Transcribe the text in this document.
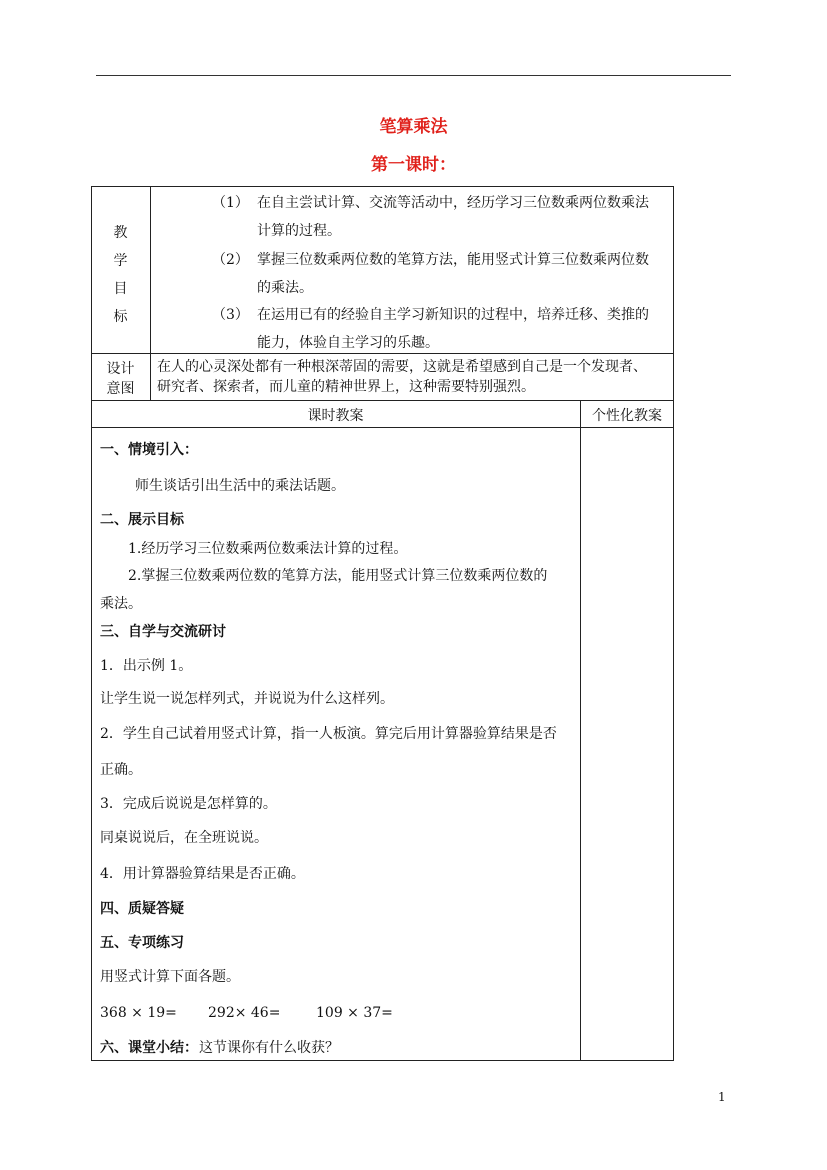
笔算乘法
第一课时：
教
学
目
标
（1） 在自主尝试计算、交流等活动中，经历学习三位数乘两位数乘法
计算的过程。
（2） 掌握三位数乘两位数的笔算方法，能用竖式计算三位数乘两位数
的乘法。
（3） 在运用已有的经验自主学习新知识的过程中，培养迁移、类推的
能力，体验自主学习的乐趣。
设计
意图
在人的心灵深处都有一种根深蒂固的需要，这就是希望感到自己是一个发现者、
研究者、探索者，而儿童的精神世界上，这种需要特别强烈。
课时教案	个性化教案
一、情境引入：
师生谈话引出生活中的乘法话题。
二、展示目标
1.经历学习三位数乘两位数乘法计算的过程。
2.掌握三位数乘两位数的笔算方法，能用竖式计算三位数乘两位数的
乘法。
三、自学与交流研讨
1．出示例 1。
让学生说一说怎样列式，并说说为什么这样列。
2．学生自己试着用竖式计算，指一人板演。算完后用计算器验算结果是否
正确。
3．完成后说说是怎样算的。
同桌说说后，在全班说说。
4．用计算器验算结果是否正确。
四、质疑答疑
五、专项练习
用竖式计算下面各题。
368 × 19= 292× 46=	109 × 37=
六、课堂小结： 这节课你有什么收获？
1
